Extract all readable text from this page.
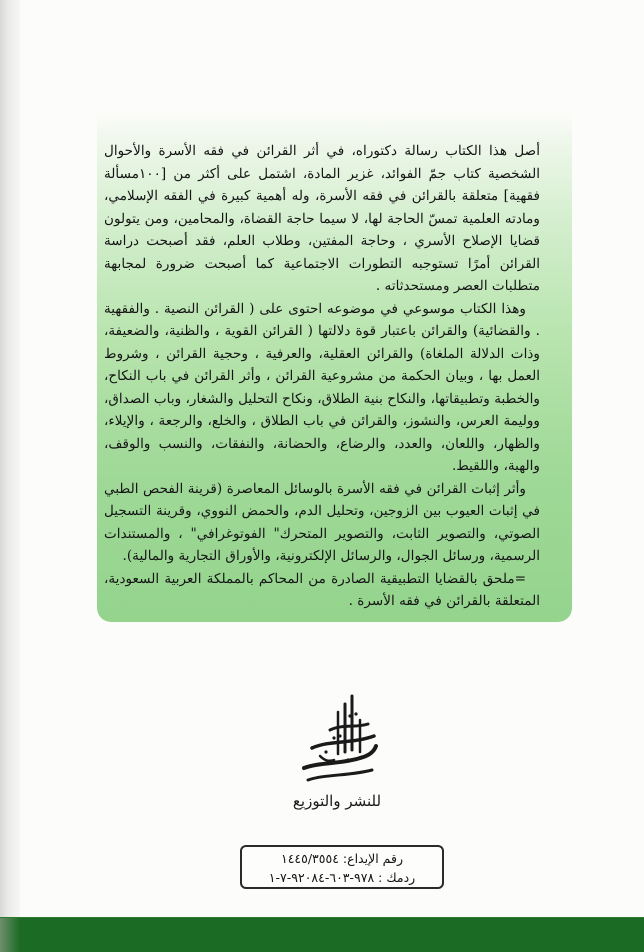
أصل هذا الكتاب رسالة دكتوراه، في أثر القرائن في فقه الأسرة والأحوال الشخصية كتاب جمّ الفوائد، غزير المادة، اشتمل على أكثر من [١٠٠مسألة فقهية] متعلقة بالقرائن في فقه الأسرة، وله أهمية كبيرة في الفقه الإسلامي، ومادته العلمية تمسّ الحاجة لها، لا سيما حاجة القضاة، والمحامين، ومن يتولون قضايا الإصلاح الأسري ، وحاجة المفتين، وطلاب العلم، فقد أصبحت دراسة القرائن أمرًا تستوجبه التطورات الاجتماعية كما أصبحت ضرورة لمجابهة متطلبات العصر ومستحدثاته .

وهذا الكتاب موسوعي في موضوعه احتوى على ( القرائن النصية . والفقهية . والقضائية) والقرائن باعتبار قوة دلالتها ( القرائن القوية ، والظنية، والضعيفة، وذات الدلالة الملغاة) والقرائن العقلية، والعرفية ، وحجية القرائن ، وشروط العمل بها ، وبيان الحكمة من مشروعية القرائن ، وأثر القرائن في باب النكاح، والخطبة وتطبيقاتها، والنكاح بنية الطلاق، ونكاح التحليل والشغار، وباب الصداق، ووليمة العرس، والنشوز، والقرائن في باب الطلاق ، والخلع، والرجعة ، والإيلاء، والظهار، واللعان، والعدد، والرضاع، والحضانة، والنفقات، والنسب والوقف، والهبة، واللقيط.

وأثر إثبات القرائن في فقه الأسرة بالوسائل المعاصرة (قرينة الفحص الطبي في إثبات العيوب بين الزوجين، وتحليل الدم، والحمض النووي، وقرينة التسجيل الصوتي، والتصوير الثابت، والتصوير المتحرك" الفوتوغرافي" ، والمستندات الرسمية، ورسائل الجوال، والرسائل الإلكترونية، والأوراق التجارية والمالية).

=ملحق بالقضايا التطبيقية الصادرة من المحاكم بالمملكة العربية السعودية، المتعلقة بالقرائن في فقه الأسرة .

للنشر والتوزيع
رقم الإيداع: ١٤٤٥/٣٥٥٤
ردمك : ٩٧٨-٦٠٣-٩٢٠٨٤-٧-١
